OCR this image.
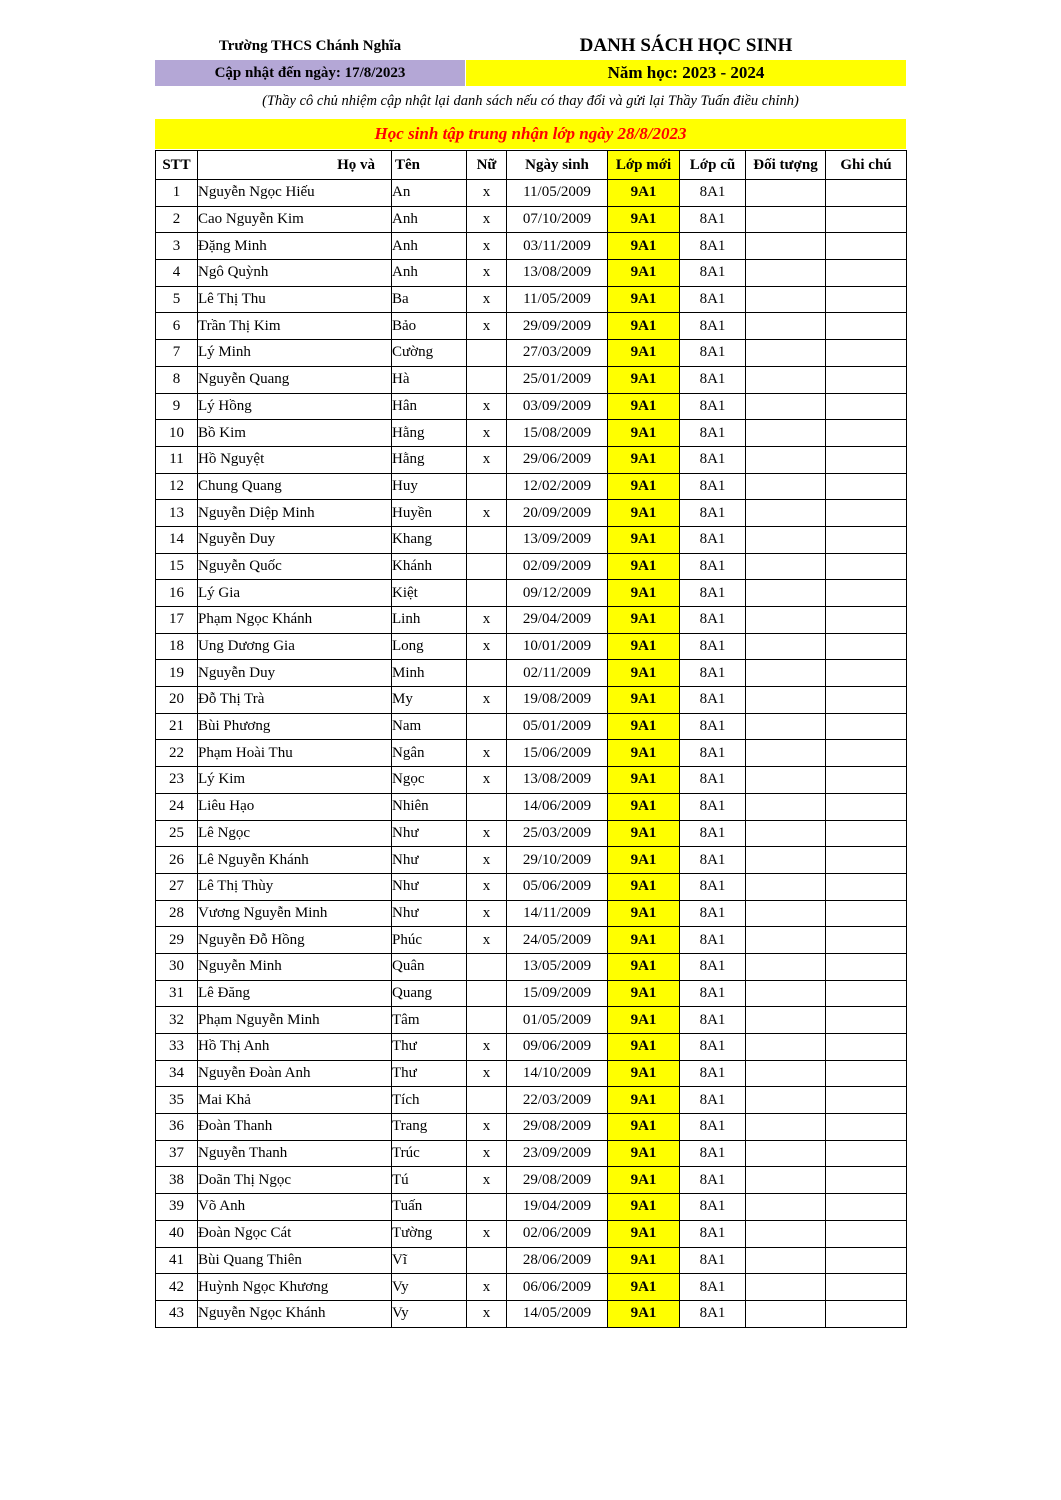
Trường THCS Chánh Nghĩa	DANH SÁCH HỌC SINH
Cập nhật đến ngày: 17/8/2023	Năm học: 2023 - 2024
(Thầy cô chủ nhiệm cập nhật lại danh sách nếu có thay đổi và gửi lại Thầy Tuấn điều chỉnh)
Học sinh tập trung nhận lớp ngày 28/8/2023
STT	Họ và	Tên	Nữ	Ngày sinh	Lớp mới	Lớp cũ	Đối tượng	Ghi chú
1	Nguyễn Ngọc Hiếu	An	x	11/05/2009	9A1	8A1		
2	Cao Nguyễn Kim	Anh	x	07/10/2009	9A1	8A1		
3	Đặng Minh	Anh	x	03/11/2009	9A1	8A1		
4	Ngô Quỳnh	Anh	x	13/08/2009	9A1	8A1		
5	Lê Thị Thu	Ba	x	11/05/2009	9A1	8A1		
6	Trần Thị Kim	Bảo	x	29/09/2009	9A1	8A1		
7	Lý Minh	Cường		27/03/2009	9A1	8A1		
8	Nguyễn Quang	Hà		25/01/2009	9A1	8A1		
9	Lý Hồng	Hân	x	03/09/2009	9A1	8A1		
10	Bồ Kim	Hằng	x	15/08/2009	9A1	8A1		
11	Hồ Nguyệt	Hằng	x	29/06/2009	9A1	8A1		
12	Chung Quang	Huy		12/02/2009	9A1	8A1		
13	Nguyễn Diệp Minh	Huyền	x	20/09/2009	9A1	8A1		
14	Nguyễn Duy	Khang		13/09/2009	9A1	8A1		
15	Nguyễn Quốc	Khánh		02/09/2009	9A1	8A1		
16	Lý Gia	Kiệt		09/12/2009	9A1	8A1		
17	Phạm Ngọc Khánh	Linh	x	29/04/2009	9A1	8A1		
18	Ung Dương Gia	Long	x	10/01/2009	9A1	8A1		
19	Nguyễn Duy	Minh		02/11/2009	9A1	8A1		
20	Đỗ Thị Trà	My	x	19/08/2009	9A1	8A1		
21	Bùi Phương	Nam		05/01/2009	9A1	8A1		
22	Phạm Hoài Thu	Ngân	x	15/06/2009	9A1	8A1		
23	Lý Kim	Ngọc	x	13/08/2009	9A1	8A1		
24	Liêu Hạo	Nhiên		14/06/2009	9A1	8A1		
25	Lê Ngọc	Như	x	25/03/2009	9A1	8A1		
26	Lê Nguyễn Khánh	Như	x	29/10/2009	9A1	8A1		
27	Lê Thị Thùy	Như	x	05/06/2009	9A1	8A1		
28	Vương Nguyễn Minh	Như	x	14/11/2009	9A1	8A1		
29	Nguyễn Đỗ Hồng	Phúc	x	24/05/2009	9A1	8A1		
30	Nguyễn Minh	Quân		13/05/2009	9A1	8A1		
31	Lê Đăng	Quang		15/09/2009	9A1	8A1		
32	Phạm Nguyễn Minh	Tâm		01/05/2009	9A1	8A1		
33	Hồ Thị Anh	Thư	x	09/06/2009	9A1	8A1		
34	Nguyễn Đoàn Anh	Thư	x	14/10/2009	9A1	8A1		
35	Mai Khả	Tích		22/03/2009	9A1	8A1		
36	Đoàn Thanh	Trang	x	29/08/2009	9A1	8A1		
37	Nguyễn Thanh	Trúc	x	23/09/2009	9A1	8A1		
38	Doãn Thị Ngọc	Tú	x	29/08/2009	9A1	8A1		
39	Võ Anh	Tuấn		19/04/2009	9A1	8A1		
40	Đoàn Ngọc Cát	Tường	x	02/06/2009	9A1	8A1		
41	Bùi Quang Thiên	Vĩ		28/06/2009	9A1	8A1		
42	Huỳnh Ngọc Khương	Vy	x	06/06/2009	9A1	8A1		
43	Nguyễn Ngọc Khánh	Vy	x	14/05/2009	9A1	8A1		
